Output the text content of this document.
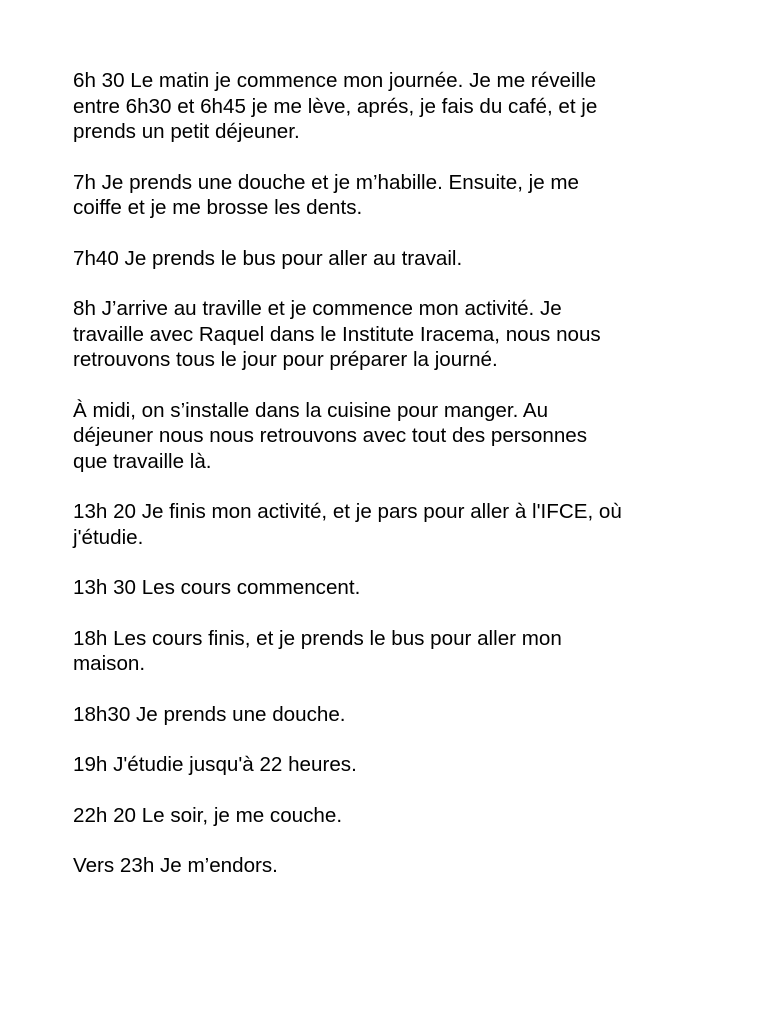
6h 30 Le matin je commence mon journée. Je me réveille
entre 6h30 et 6h45 je me lève, aprés, je fais du café, et je
prends un petit déjeuner.

7h Je prends une douche et je m’habille. Ensuite, je me
coiffe et je me brosse les dents.

7h40 Je prends le bus pour aller au travail.

8h J’arrive au traville et je commence mon activité. Je
travaille avec Raquel dans le Institute Iracema, nous nous
retrouvons tous le jour pour préparer la journé.

À midi, on s’installe dans la cuisine pour manger. Au
déjeuner nous nous retrouvons avec tout des personnes
que travaille là.

13h 20 Je finis mon activité, et je pars pour aller à l'IFCE, où
j'étudie.

13h 30 Les cours commencent.

18h Les cours finis, et je prends le bus pour aller mon
maison.

18h30 Je prends une douche.

19h J'étudie jusqu'à 22 heures.

22h 20 Le soir, je me couche.

Vers 23h Je m’endors.
